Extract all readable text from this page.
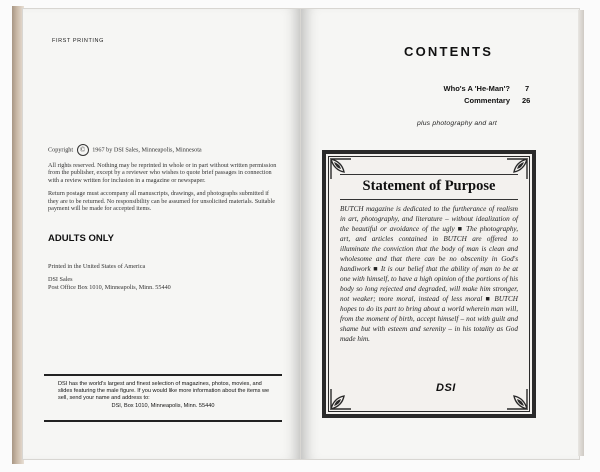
FIRST PRINTING

Copyright © 1967 by DSI Sales, Minneapolis, Minnesota

All rights reserved. Nothing may be reprinted in whole or in part without written permission from the publisher, except by a reviewer who wishes to quote brief passages in connection with a review written for inclusion in a magazine or newspaper.

Return postage must accompany all manuscripts, drawings, and photographs submitted if they are to be returned. No responsibility can be assumed for unsolicited materials. Suitable payment will be made for accepted items.

ADULTS ONLY

Printed in the United States of America

DSI Sales
Post Office Box 1010, Minneapolis, Minn. 55440

DSI has the world's largest and finest selection of magazines, photos, movies, and slides featuring the male figure. If you would like more information about the items we sell, send your name and address to:
DSI, Box 1010, Minneapolis, Minn. 55440
CONTENTS
Who's A 'He-Man'? 7
Commentary 26
plus photography and art
Statement of Purpose

BUTCH magazine is dedicated to the furtherance of realism in art, photography, and literature – without idealization of the beautiful or avoidance of the ugly ■ The photography, art, and articles contained in BUTCH are offered to illuminate the conviction that the body of man is clean and wholesome and that there can be no obscenity in God's handiwork ■ It is our belief that the ability of man to be at one with himself, to have a high opinion of the portions of his body so long rejected and degraded, will make him stronger, not weaker; more moral, instead of less moral ■ BUTCH hopes to do its part to bring about a world wherein man will, from the moment of birth, accept himself – not with guilt and shame but with esteem and serenity – in his totality as God made him.

DSI
